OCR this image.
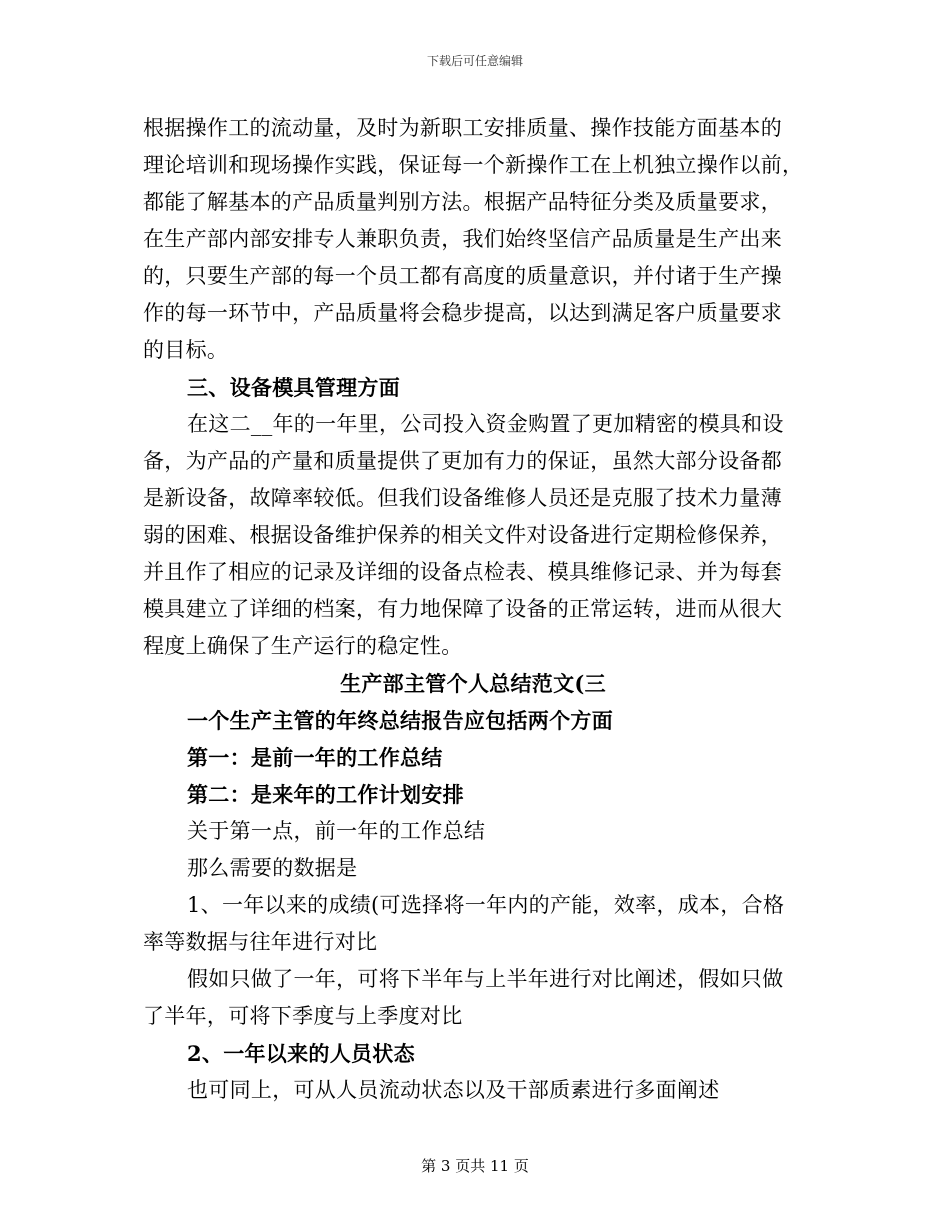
下载后可任意编辑
根据操作工的流动量，及时为新职工安排质量、操作技能方面基本的
理论培训和现场操作实践，保证每一个新操作工在上机独立操作以前，
都能了解基本的产品质量判别方法。根据产品特征分类及质量要求，
在生产部内部安排专人兼职负责，我们始终坚信产品质量是生产出来
的，只要生产部的每一个员工都有高度的质量意识，并付诸于生产操
作的每一环节中，产品质量将会稳步提高，以达到满足客户质量要求
的目标。
三、设备模具管理方面
在这二__年的一年里，公司投入资金购置了更加精密的模具和设
备，为产品的产量和质量提供了更加有力的保证，虽然大部分设备都
是新设备，故障率较低。但我们设备维修人员还是克服了技术力量薄
弱的困难、根据设备维护保养的相关文件对设备进行定期检修保养，
并且作了相应的记录及详细的设备点检表、模具维修记录、并为每套
模具建立了详细的档案，有力地保障了设备的正常运转，进而从很大
程度上确保了生产运行的稳定性。
生产部主管个人总结范文(三
一个生产主管的年终总结报告应包括两个方面
第一：是前一年的工作总结
第二：是来年的工作计划安排
关于第一点，前一年的工作总结
那么需要的数据是
1、一年以来的成绩(可选择将一年内的产能，效率，成本，合格
率等数据与往年进行对比
假如只做了一年，可将下半年与上半年进行对比阐述，假如只做
了半年，可将下季度与上季度对比
2、一年以来的人员状态
也可同上，可从人员流动状态以及干部质素进行多面阐述
第 3 页共 11 页
